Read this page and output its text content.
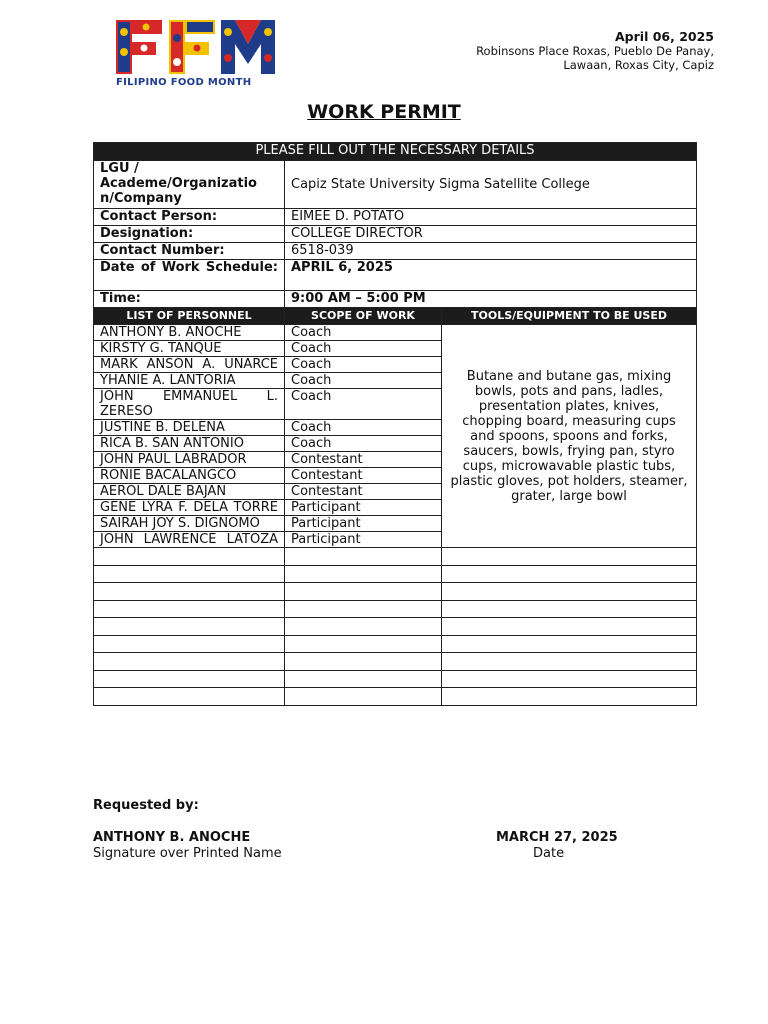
FILIPINO FOOD MONTH
April 06, 2025
Robinsons Place Roxas, Pueblo De Panay,
Lawaan, Roxas City, Capiz
WORK PERMIT
PLEASE FILL OUT THE NECESSARY DETAILS		
LGU / Academe/Organizatio n/Company	Capiz State University Sigma Satellite College	
Contact Person:	EIMEE D. POTATO	
Designation:	COLLEGE DIRECTOR	
Contact Number:	6518-039	
Date of Work Schedule:	APRIL 6, 2025	
Time:	9:00 AM – 5:00 PM	
LIST OF PERSONNEL	SCOPE OF WORK	TOOLS/EQUIPMENT TO BE USED
ANTHONY B. ANOCHE	Coach	Butane and butane gas, mixing bowls, pots and pans, ladles, presentation plates, knives, chopping board, measuring cups and spoons, spoons and forks, saucers, bowls, frying pan, styro cups, microwavable plastic tubs, plastic gloves, pot holders, steamer, grater, large bowl
KIRSTY G. TANQUE	Coach	
MARK ANSON A. UNARCE	Coach	
YHANIE A. LANTORIA	Coach	
JOHN EMMANUEL L. ZERESO	Coach	
JUSTINE B. DELENA	Coach	
RICA B. SAN ANTONIO	Coach	
JOHN PAUL LABRADOR	Contestant	
RONIE BACALANGCO	Contestant	
AEROL DALE BAJAN	Contestant	
GENE LYRA F. DELA TORRE	Participant	
SAIRAH JOY S. DIGNOMO	Participant	
JOHN LAWRENCE LATOZA	Participant	

Requested by:
ANTHONY B. ANOCHE
Signature over Printed Name
MARCH 27, 2025
Date
